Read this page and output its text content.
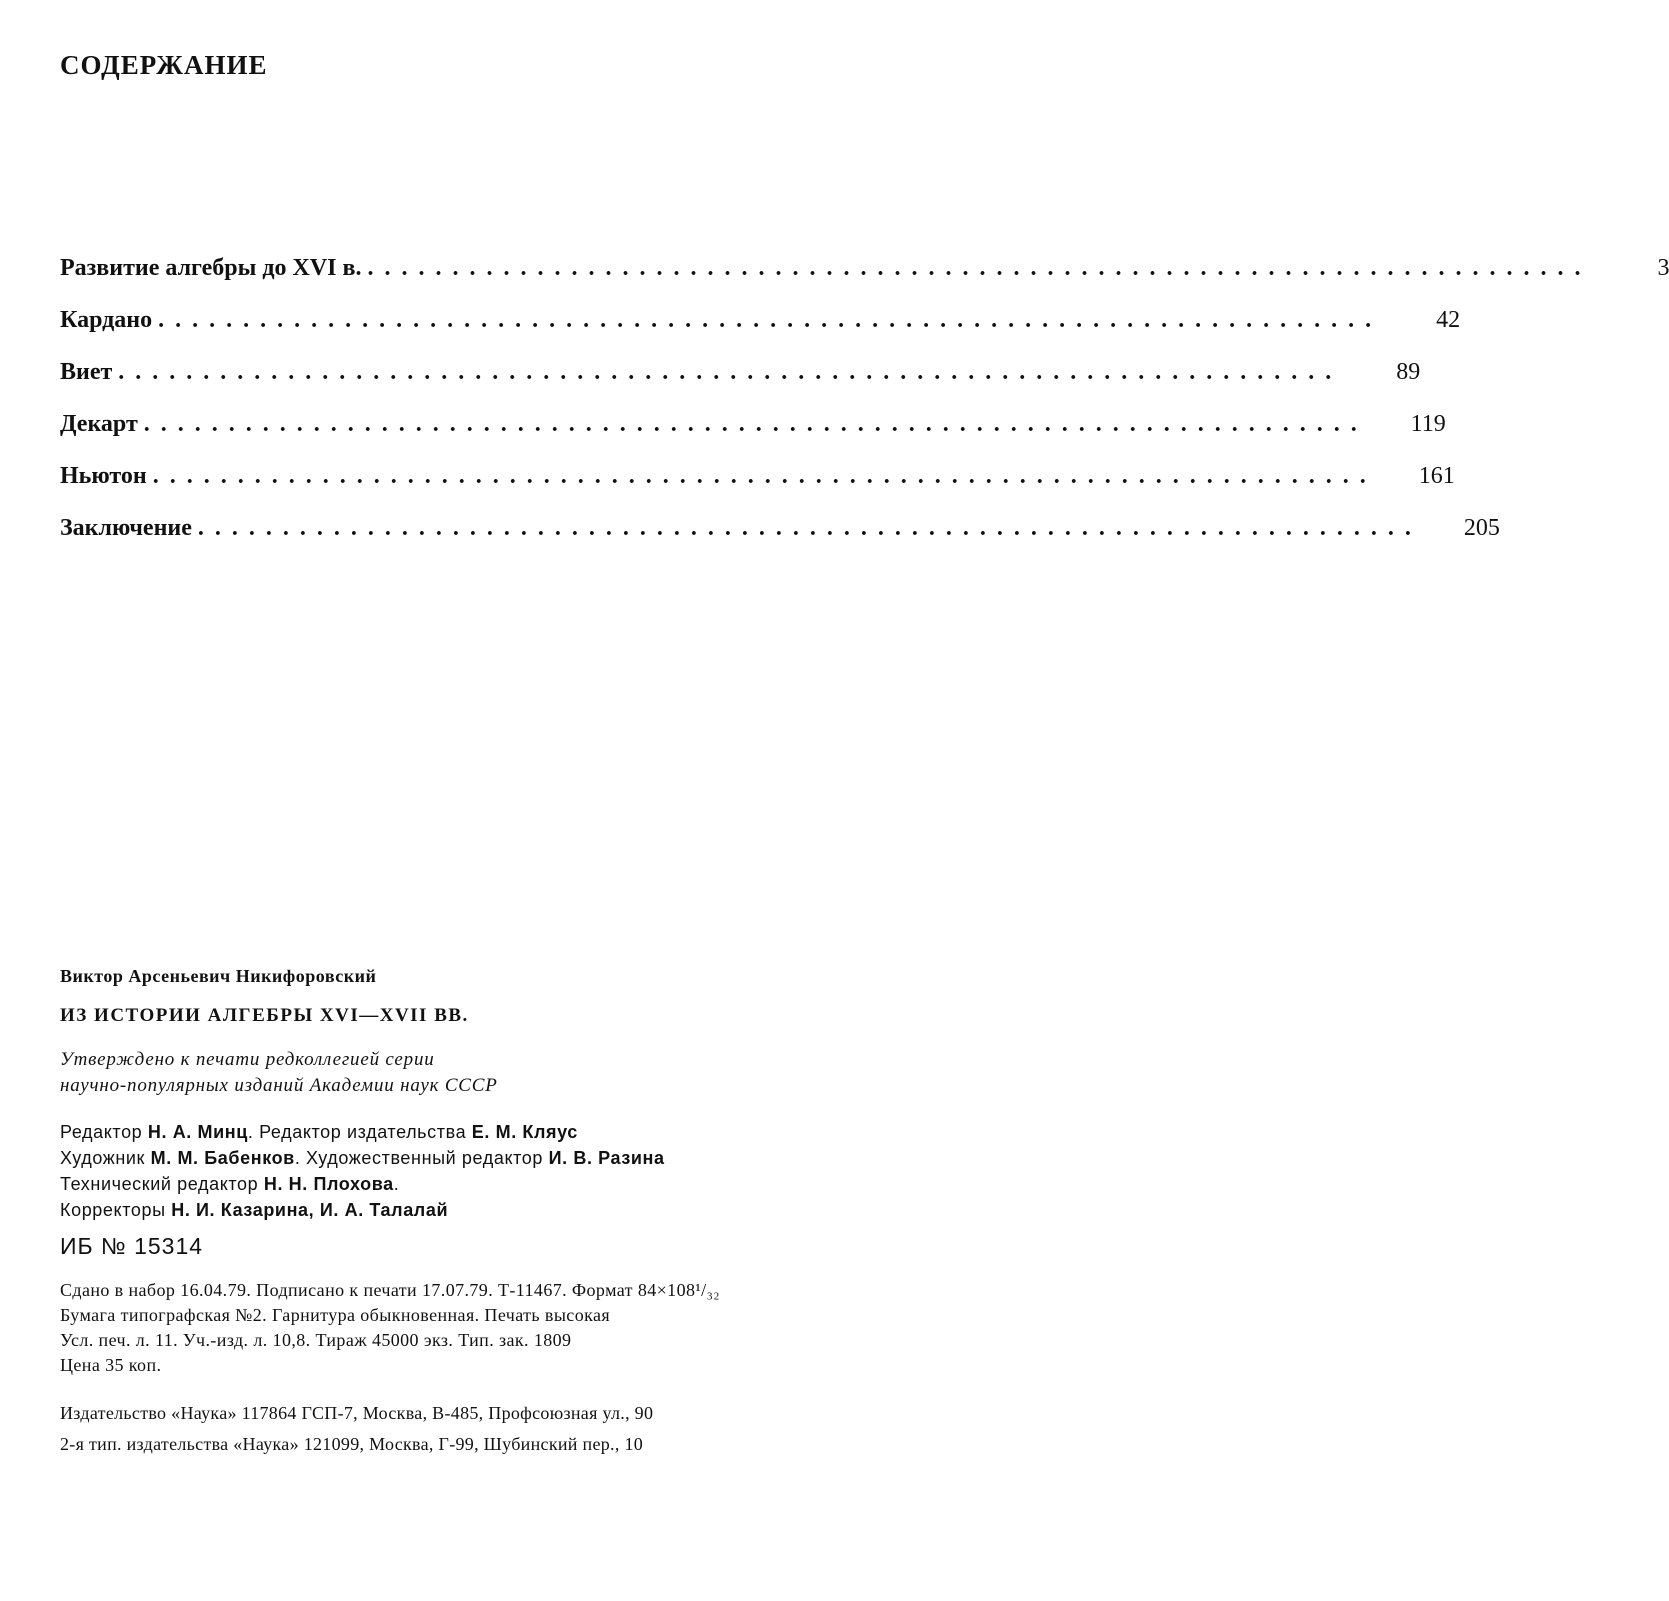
СОДЕРЖАНИЕ
Развитие алгебры до XVI в. ........................................................................	3
Кардано ........................................................................	42
Виет ........................................................................	89
Декарт ........................................................................	119
Ньютон ........................................................................	161
Заключение ........................................................................	205
Виктор Арсеньевич Никифоровский
ИЗ ИСТОРИИ АЛГЕБРЫ XVI—XVII ВВ.
Утверждено к печати редколлегией серии
научно-популярных изданий Академии наук СССР
Редактор Н. А. Минц. Редактор издательства Е. М. Кляус
Художник М. М. Бабенков. Художественный редактор И. В. Разина
Технический редактор Н. Н. Плохова.
Корректоры Н. И. Казарина, И. А. Талалай
ИБ № 15314
Сдано в набор 16.04.79. Подписано к печати 17.07.79. Т-11467. Формат 84×108¹/₃₂
Бумага типографская №2. Гарнитура обыкновенная. Печать высокая
Усл. печ. л. 11. Уч.-изд. л. 10,8. Тираж 45000 экз. Тип. зак. 1809
Цена 35 коп.
Издательство «Наука» 117864 ГСП-7, Москва, В-485, Профсоюзная ул., 90
2-я тип. издательства «Наука» 121099, Москва, Г-99, Шубинский пер., 10
